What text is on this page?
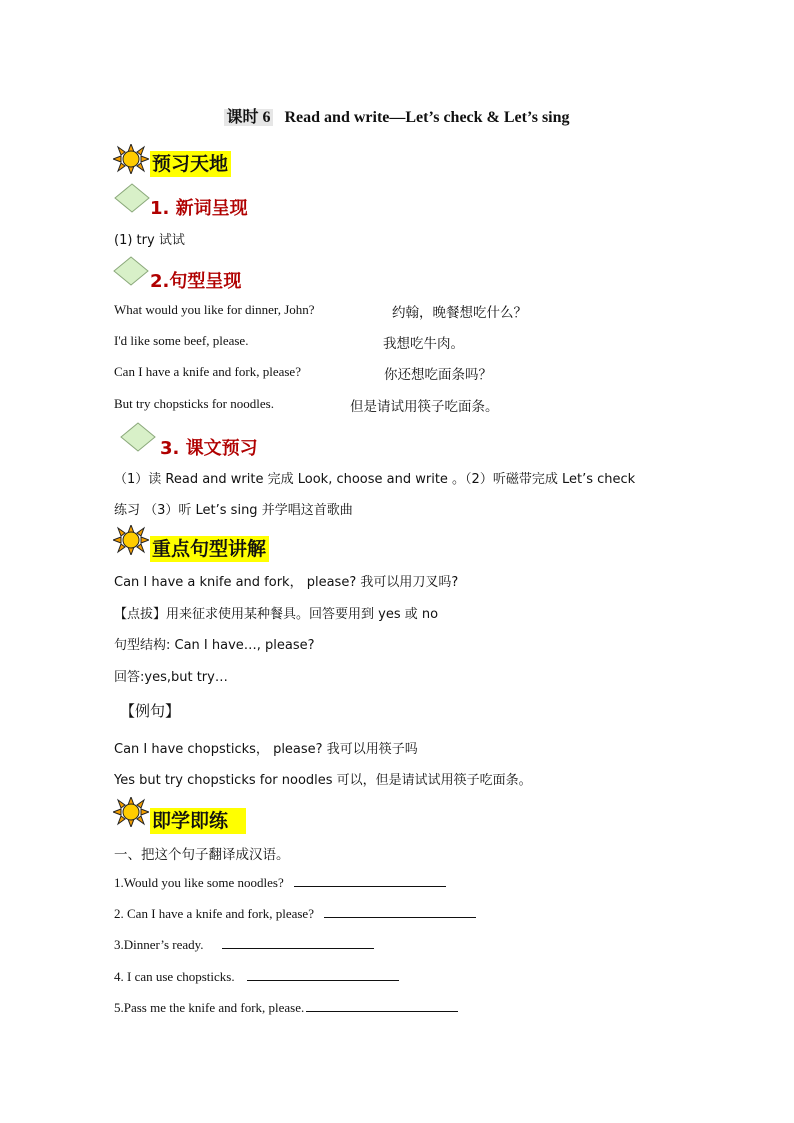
课时 6 Read and write—Let’s check & Let’s sing
预习天地
1. 新词呈现
(1) try 试试
2.句型呈现
What would you like for dinner, John?	约翰，晚餐想吃什么？
I'd like some beef, please.	我想吃牛肉。
Can I have a knife and fork, please?	你还想吃面条吗？
But try chopsticks for noodles.	但是请试用筷子吃面条。
3. 课文预习
（1）读 Read and write 完成 Look, choose and write 。（2）听磁带完成 Let’s check
练习 （3）听 Let’s sing 并学唱这首歌曲
重点句型讲解
Can I have a knife and fork， please? 我可以用刀叉吗?
【点拔】用来征求使用某种餐具。回答要用到 yes 或 no
句型结构: Can I have…, please?
回答:yes,but try…
【例句】
Can I have chopsticks， please? 我可以用筷子吗
Yes but try chopsticks for noodles 可以，但是请试试用筷子吃面条。
即学即练
一、把这个句子翻译成汉语。
1.Would you like some noodles?
2. Can I have a knife and fork, please?
3.Dinner’s ready.
4. I can use chopsticks.
5.Pass me the knife and fork, please.
